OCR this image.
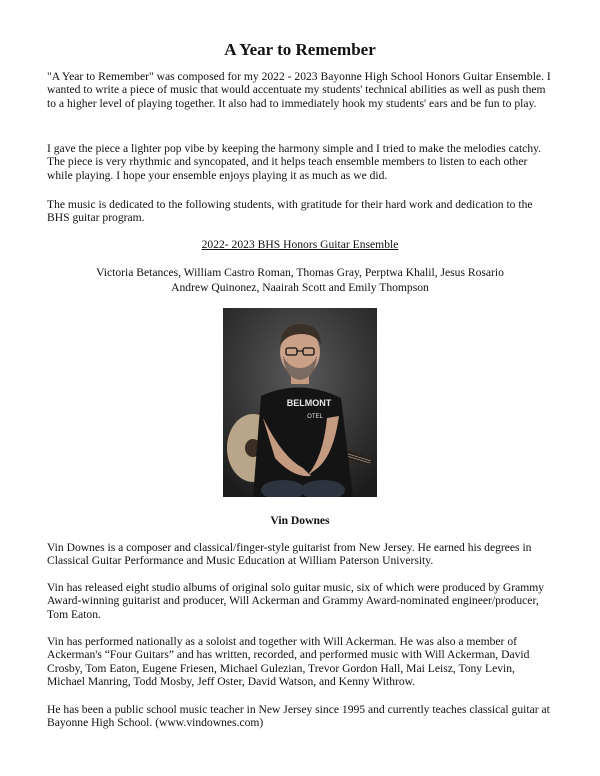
A Year to Remember

"A Year to Remember" was composed for my 2022 - 2023 Bayonne High School Honors Guitar Ensemble. I wanted to write a piece of music that would accentuate my students' technical abilities as well as push them to a higher level of playing together. It also had to immediately hook my students' ears and be fun to play.

I gave the piece a lighter pop vibe by keeping the harmony simple and I tried to make the melodies catchy. The piece is very rhythmic and syncopated, and it helps teach ensemble members to listen to each other while playing. I hope your ensemble enjoys playing it as much as we did.

The music is dedicated to the following students, with gratitude for their hard work and dedication to the BHS guitar program.

2022- 2023 BHS Honors Guitar Ensemble

Victoria Betances, William Castro Roman, Thomas Gray, Perptwa Khalil, Jesus Rosario

Andrew Quinonez, Naairah Scott and Emily Thompson

BELMONT
OTEL

Vin Downes

Vin Downes is a composer and classical/finger-style guitarist from New Jersey. He earned his degrees in Classical Guitar Performance and Music Education at William Paterson University.

Vin has released eight studio albums of original solo guitar music, six of which were produced by Grammy Award-winning guitarist and producer, Will Ackerman and Grammy Award-nominated engineer/producer, Tom Eaton.

Vin has performed nationally as a soloist and together with Will Ackerman. He was also a member of Ackerman's “Four Guitars” and has written, recorded, and performed music with Will Ackerman, David Crosby, Tom Eaton, Eugene Friesen, Michael Gulezian, Trevor Gordon Hall, Mai Leisz, Tony Levin, Michael Manring, Todd Mosby, Jeff Oster, David Watson, and Kenny Withrow.

He has been a public school music teacher in New Jersey since 1995 and currently teaches classical guitar at Bayonne High School. (www.vindownes.com)
